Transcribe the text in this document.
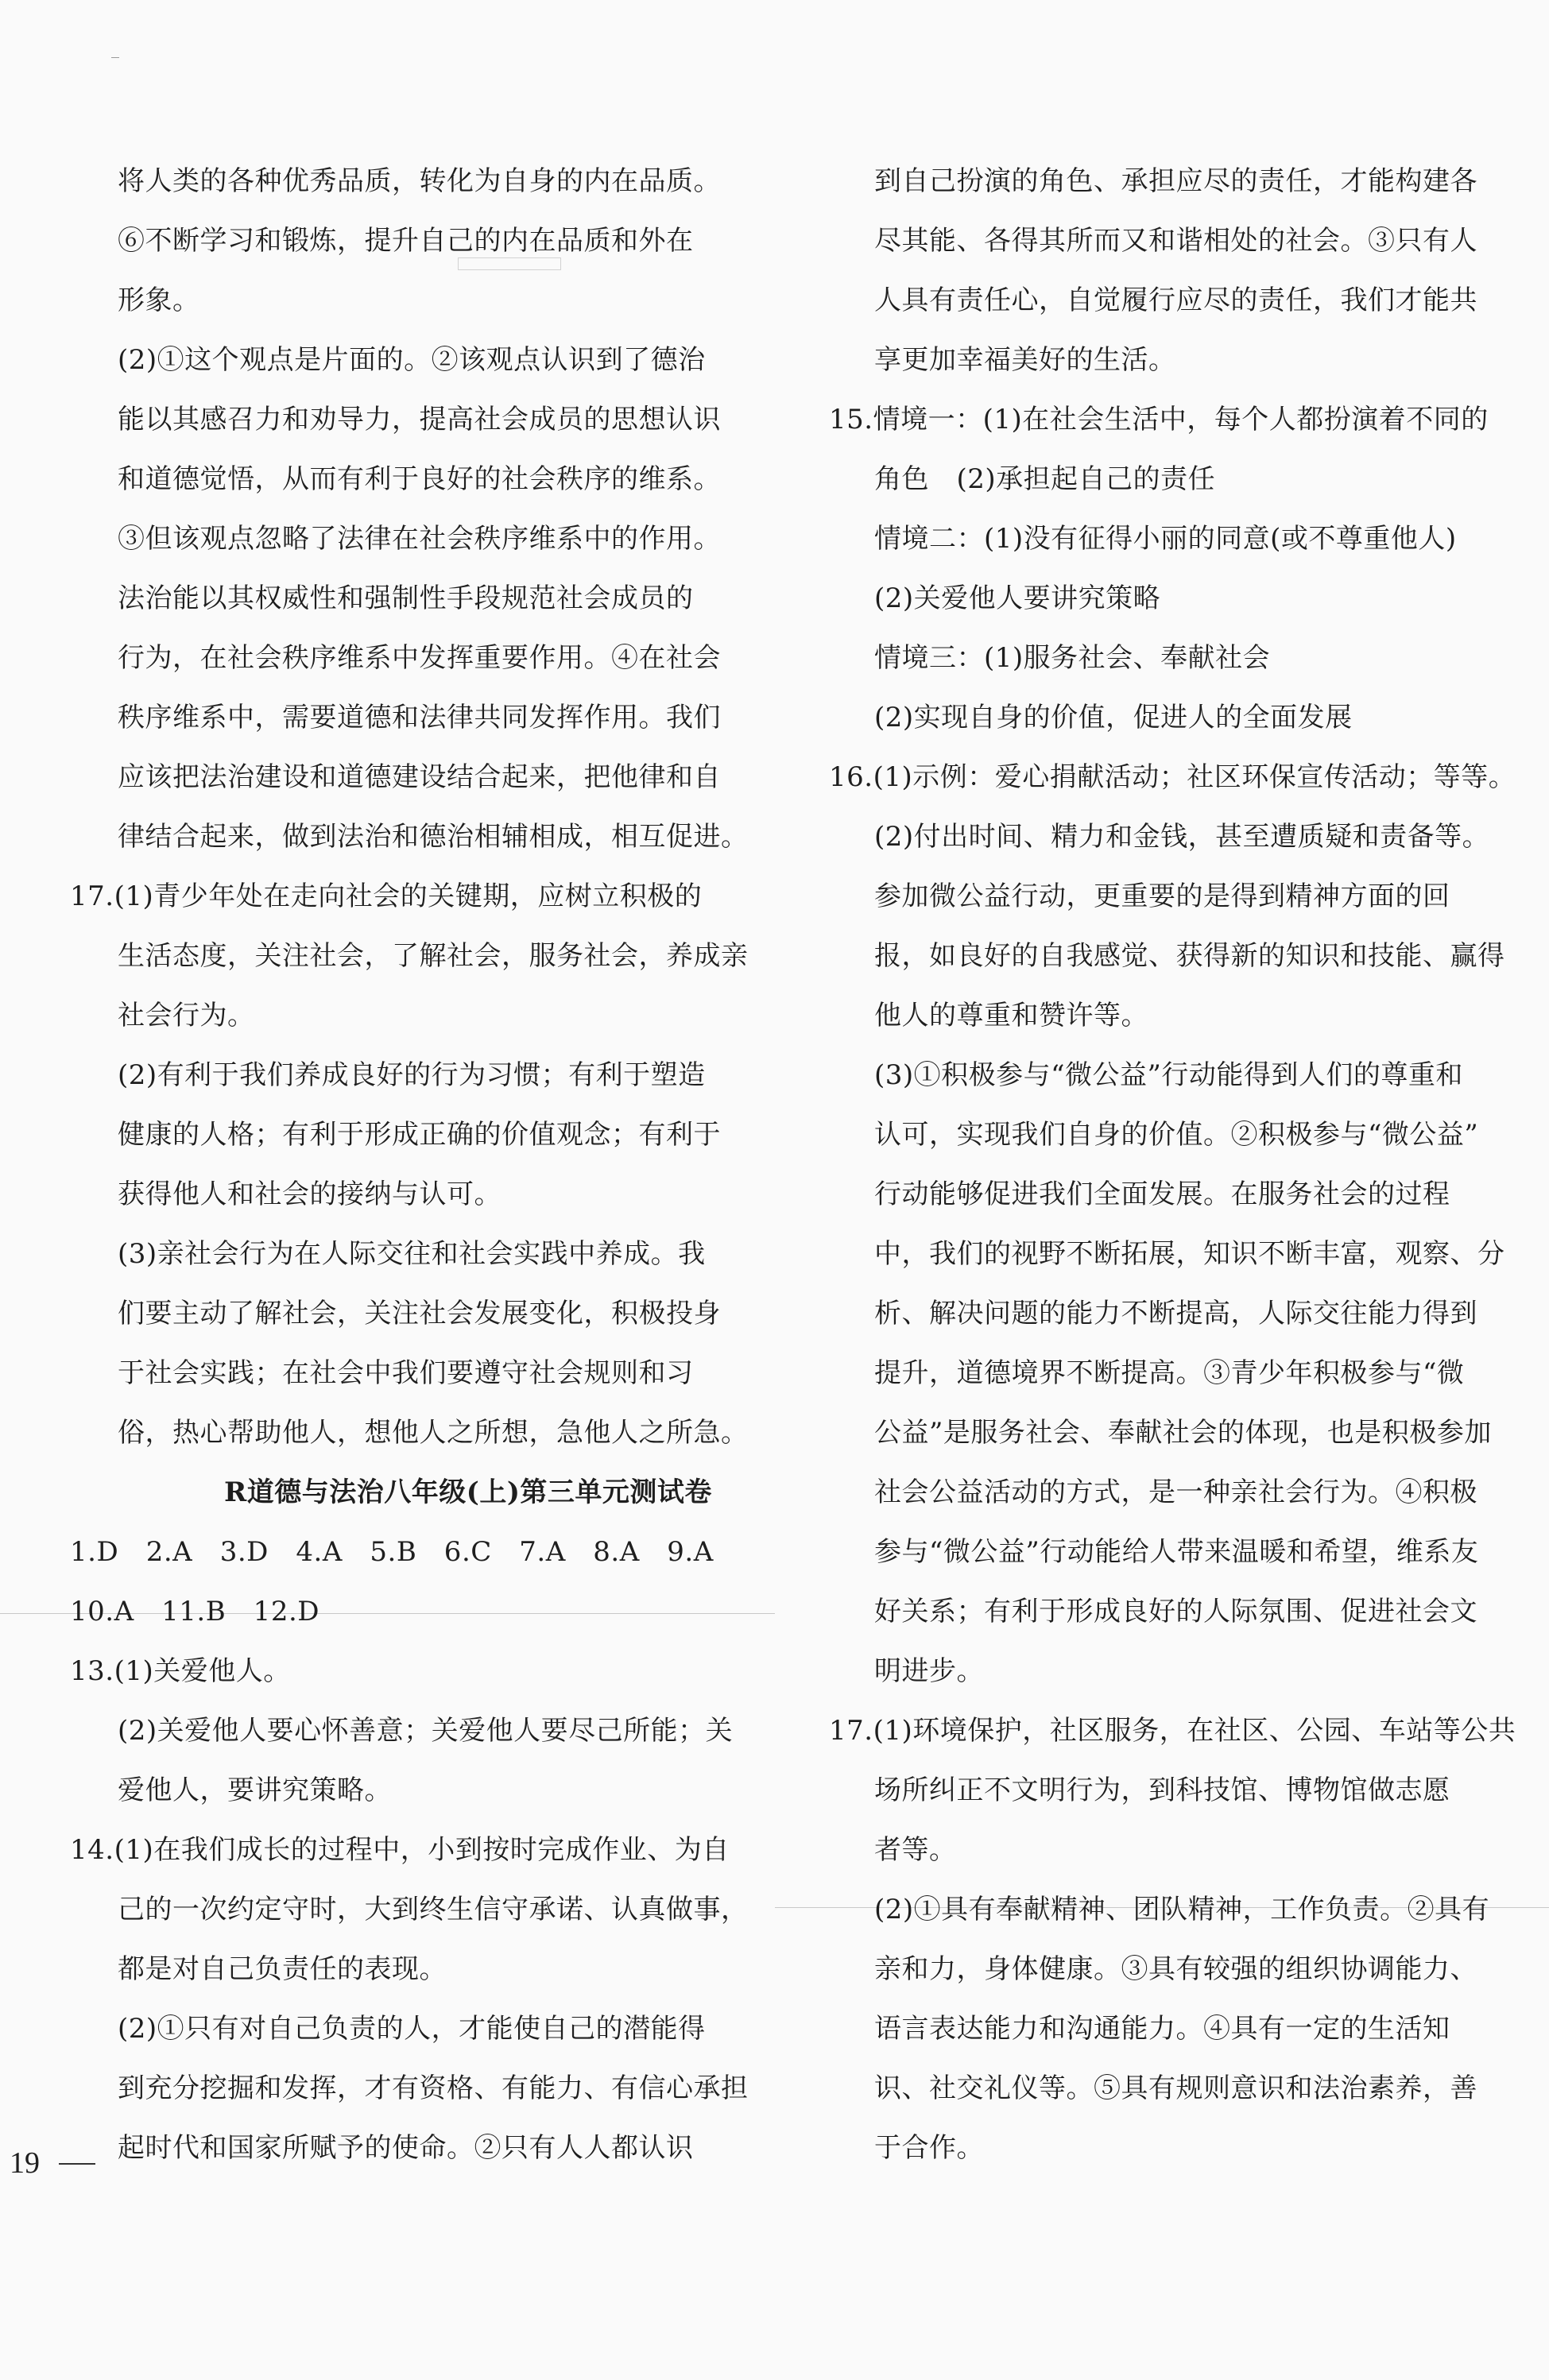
19
将人类的各种优秀品质，转化为自身的内在品质。
⑥不断学习和锻炼，提升自己的内在品质和外在
形象。
(2)①这个观点是片面的。②该观点认识到了德治
能以其感召力和劝导力，提高社会成员的思想认识
和道德觉悟，从而有利于良好的社会秩序的维系。
③但该观点忽略了法律在社会秩序维系中的作用。
法治能以其权威性和强制性手段规范社会成员的
行为，在社会秩序维系中发挥重要作用。④在社会
秩序维系中，需要道德和法律共同发挥作用。我们
应该把法治建设和道德建设结合起来，把他律和自
律结合起来，做到法治和德治相辅相成，相互促进。
17.(1)青少年处在走向社会的关键期，应树立积极的
生活态度，关注社会，了解社会，服务社会，养成亲
社会行为。
(2)有利于我们养成良好的行为习惯；有利于塑造
健康的人格；有利于形成正确的价值观念；有利于
获得他人和社会的接纳与认可。
(3)亲社会行为在人际交往和社会实践中养成。我
们要主动了解社会，关注社会发展变化，积极投身
于社会实践；在社会中我们要遵守社会规则和习
俗，热心帮助他人，想他人之所想，急他人之所急。
R道德与法治八年级(上)第三单元测试卷
1.D　2.A　3.D　4.A　5.B　6.C　7.A　8.A　9.A
10.A　11.B　12.D
13.(1)关爱他人。
(2)关爱他人要心怀善意；关爱他人要尽己所能；关
爱他人，要讲究策略。
14.(1)在我们成长的过程中，小到按时完成作业、为自
己的一次约定守时，大到终生信守承诺、认真做事，
都是对自己负责任的表现。
(2)①只有对自己负责的人，才能使自己的潜能得
到充分挖掘和发挥，才有资格、有能力、有信心承担
起时代和国家所赋予的使命。②只有人人都认识
到自己扮演的角色、承担应尽的责任，才能构建各
尽其能、各得其所而又和谐相处的社会。③只有人
人具有责任心，自觉履行应尽的责任，我们才能共
享更加幸福美好的生活。
15.情境一：(1)在社会生活中，每个人都扮演着不同的
角色　(2)承担起自己的责任
情境二：(1)没有征得小丽的同意(或不尊重他人)
(2)关爱他人要讲究策略
情境三：(1)服务社会、奉献社会
(2)实现自身的价值，促进人的全面发展
16.(1)示例：爱心捐献活动；社区环保宣传活动；等等。
(2)付出时间、精力和金钱，甚至遭质疑和责备等。
参加微公益行动，更重要的是得到精神方面的回
报，如良好的自我感觉、获得新的知识和技能、赢得
他人的尊重和赞许等。
(3)①积极参与“微公益”行动能得到人们的尊重和
认可，实现我们自身的价值。②积极参与“微公益”
行动能够促进我们全面发展。在服务社会的过程
中，我们的视野不断拓展，知识不断丰富，观察、分
析、解决问题的能力不断提高，人际交往能力得到
提升，道德境界不断提高。③青少年积极参与“微
公益”是服务社会、奉献社会的体现，也是积极参加
社会公益活动的方式，是一种亲社会行为。④积极
参与“微公益”行动能给人带来温暖和希望，维系友
好关系；有利于形成良好的人际氛围、促进社会文
明进步。
17.(1)环境保护，社区服务，在社区、公园、车站等公共
场所纠正不文明行为，到科技馆、博物馆做志愿
者等。
(2)①具有奉献精神、团队精神，工作负责。②具有
亲和力，身体健康。③具有较强的组织协调能力、
语言表达能力和沟通能力。④具有一定的生活知
识、社交礼仪等。⑤具有规则意识和法治素养，善
于合作。
